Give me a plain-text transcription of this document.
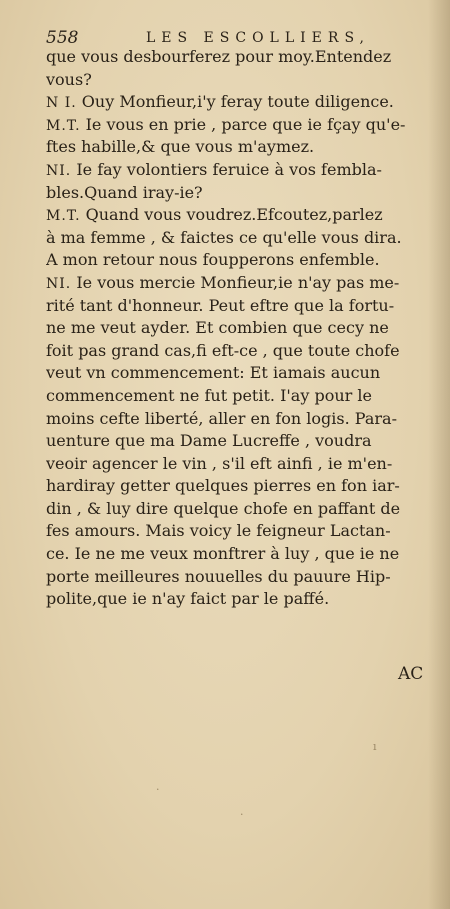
558	LES ESCOLLIERS,
que vous desbourferez pour moy.Entendez
vous?
N I. Ouy Monfieur,i'y feray toute diligence.
M.T. Ie vous en prie , parce que ie fçay qu'e-
ftes habille,& que vous m'aymez.
NI. Ie fay volontiers feruice à vos fembla-
bles.Quand iray-ie?
M.T. Quand vous voudrez.Efcoutez,parlez
à ma femme , & faictes ce qu'elle vous dira.
A mon retour nous foupperons enfemble.
NI. Ie vous mercie Monfieur,ie n'ay pas me-
rité tant d'honneur. Peut eftre que la fortu-
ne me veut ayder. Et combien que cecy ne
foit pas grand cas,fi eft-ce , que toute chofe
veut vn commencement: Et iamais aucun
commencement ne fut petit. I'ay pour le
moins cefte liberté, aller en fon logis. Para-
uenture que ma Dame Lucreffe , voudra
veoir agencer le vin , s'il eft ainfi , ie m'en-
hardiray getter quelques pierres en fon iar-
din , & luy dire quelque chofe en paffant de
fes amours. Mais voicy le feigneur Lactan-
ce. Ie ne me veux monftrer à luy , que ie ne
porte meilleures nouuelles du pauure Hip-
polite,que ie n'ay faict par le paffé.
AC
ı
·
·
